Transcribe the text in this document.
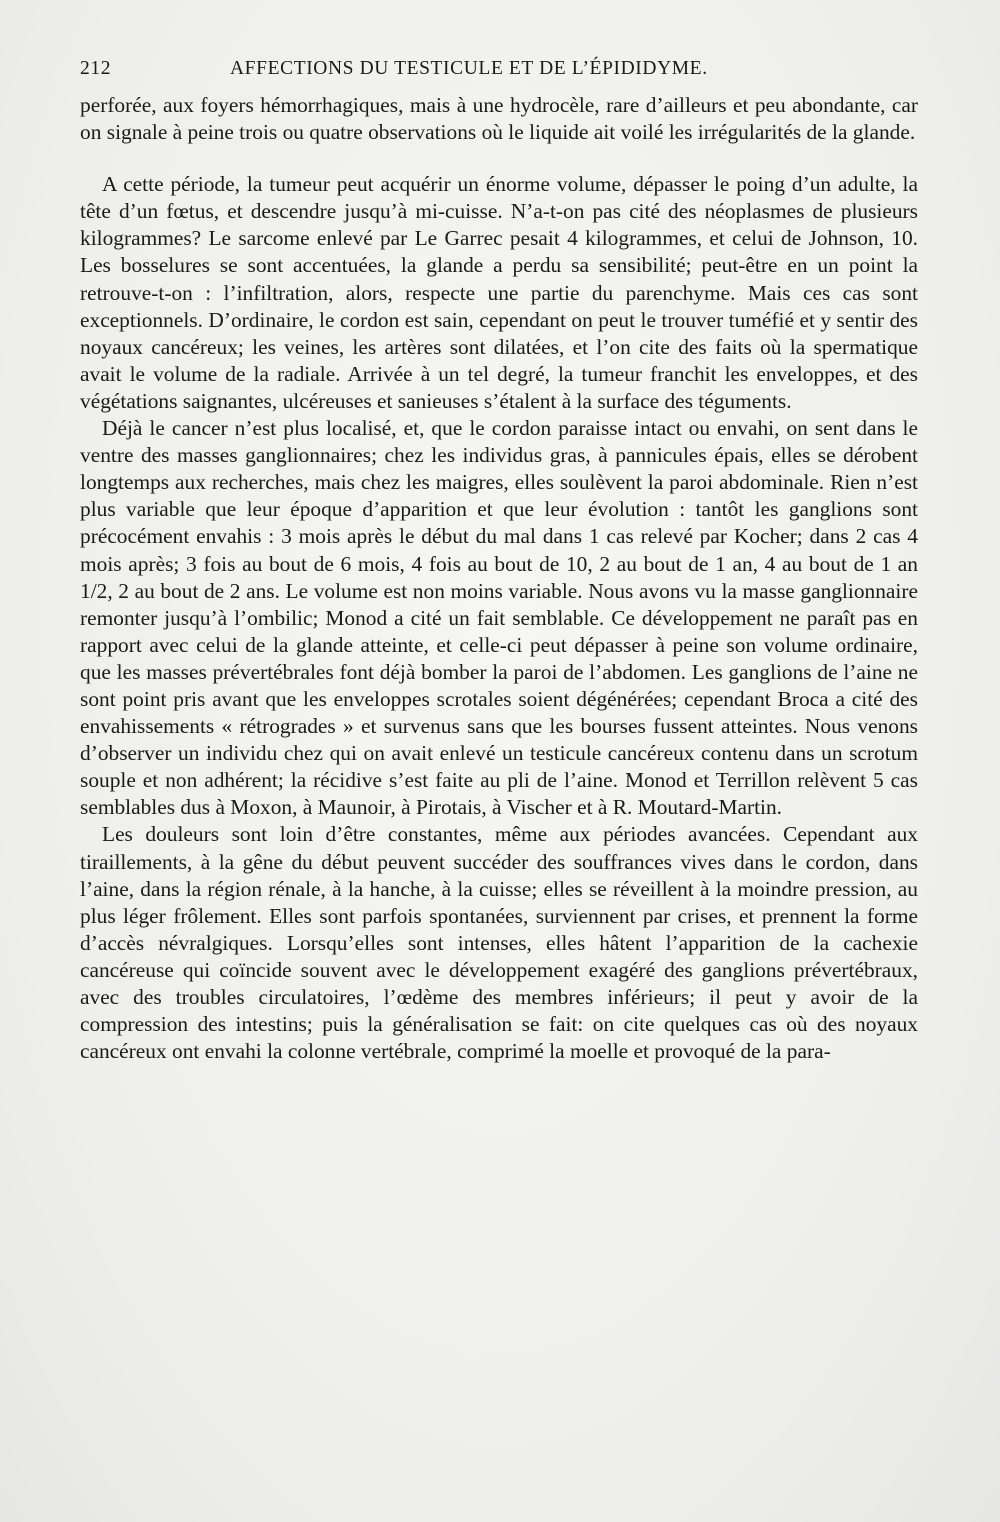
212	AFFECTIONS DU TESTICULE ET DE L’ÉPIDIDYME.

perforée, aux foyers hémorrhagiques, mais à une hydrocèle, rare d’ailleurs et peu abondante, car on signale à peine trois ou quatre observations où le liquide ait voilé les irrégularités de la glande.

A cette période, la tumeur peut acquérir un énorme volume, dépasser le poing d’un adulte, la tête d’un fœtus, et descendre jusqu’à mi-cuisse. N’a-t-on pas cité des néoplasmes de plusieurs kilogrammes? Le sarcome enlevé par Le Garrec pesait 4 kilogrammes, et celui de Johnson, 10. Les bosselures se sont accentuées, la glande a perdu sa sensibilité; peut-être en un point la retrouve-t-on : l’infiltration, alors, respecte une partie du parenchyme. Mais ces cas sont exceptionnels. D’ordinaire, le cordon est sain, cependant on peut le trouver tuméfié et y sentir des noyaux cancéreux; les veines, les artères sont dilatées, et l’on cite des faits où la spermatique avait le volume de la radiale. Arrivée à un tel degré, la tumeur franchit les enveloppes, et des végétations saignantes, ulcéreuses et sanieuses s’étalent à la surface des téguments.

Déjà le cancer n’est plus localisé, et, que le cordon paraisse intact ou envahi, on sent dans le ventre des masses ganglionnaires; chez les individus gras, à pannicules épais, elles se dérobent longtemps aux recherches, mais chez les maigres, elles soulèvent la paroi abdominale. Rien n’est plus variable que leur époque d’apparition et que leur évolution : tantôt les ganglions sont précocément envahis : 3 mois après le début du mal dans 1 cas relevé par Kocher; dans 2 cas 4 mois après; 3 fois au bout de 6 mois, 4 fois au bout de 10, 2 au bout de 1 an, 4 au bout de 1 an 1/2, 2 au bout de 2 ans. Le volume est non moins variable. Nous avons vu la masse ganglionnaire remonter jusqu’à l’ombilic; Monod a cité un fait semblable. Ce développement ne paraît pas en rapport avec celui de la glande atteinte, et celle-ci peut dépasser à peine son volume ordinaire, que les masses prévertébrales font déjà bomber la paroi de l’abdomen. Les ganglions de l’aine ne sont point pris avant que les enveloppes scrotales soient dégénérées; cependant Broca a cité des envahissements « rétrogrades » et survenus sans que les bourses fussent atteintes. Nous venons d’observer un individu chez qui on avait enlevé un testicule cancéreux contenu dans un scrotum souple et non adhérent; la récidive s’est faite au pli de l’aine. Monod et Terrillon relèvent 5 cas semblables dus à Moxon, à Maunoir, à Pirotais, à Vischer et à R. Moutard-Martin.

Les douleurs sont loin d’être constantes, même aux périodes avancées. Cependant aux tiraillements, à la gêne du début peuvent succéder des souffrances vives dans le cordon, dans l’aine, dans la région rénale, à la hanche, à la cuisse; elles se réveillent à la moindre pression, au plus léger frôlement. Elles sont parfois spontanées, surviennent par crises, et prennent la forme d’accès névralgiques. Lorsqu’elles sont intenses, elles hâtent l’apparition de la cachexie cancéreuse qui coïncide souvent avec le développement exagéré des ganglions prévertébraux, avec des troubles circulatoires, l’œdème des membres inférieurs; il peut y avoir de la compression des intestins; puis la généralisation se fait: on cite quelques cas où des noyaux cancéreux ont envahi la colonne vertébrale, comprimé la moelle et provoqué de la para-
